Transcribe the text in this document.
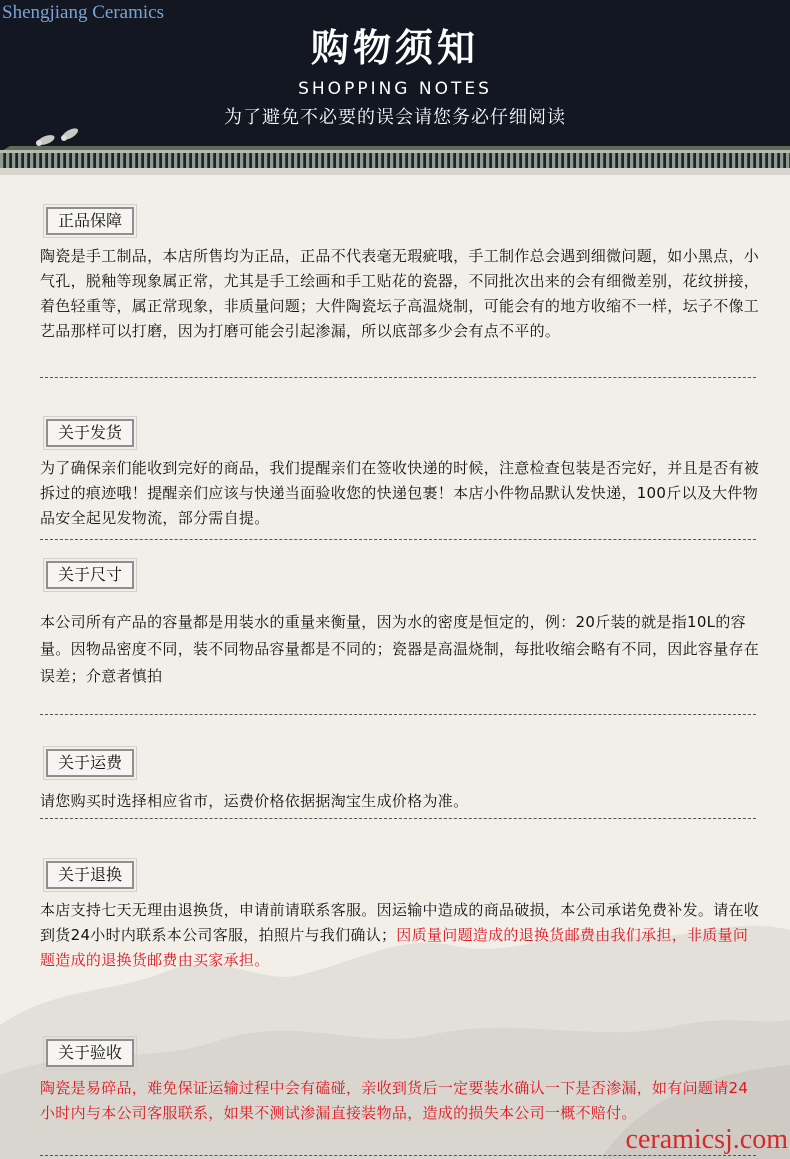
Shengjiang Ceramics
购物须知
SHOPPING NOTES
为了避免不必要的误会请您务必仔细阅读
正品保障
陶瓷是手工制品，本店所售均为正品，正品不代表毫无瑕疵哦，手工制作总会遇到细微问题，如小黑点，小气孔，脱釉等现象属正常，尤其是手工绘画和手工贴花的瓷器，不同批次出来的会有细微差别，花纹拼接，着色轻重等，属正常现象，非质量问题；大件陶瓷坛子高温烧制，可能会有的地方收缩不一样，坛子不像工艺品那样可以打磨，因为打磨可能会引起渗漏，所以底部多少会有点不平的。
关于发货
为了确保亲们能收到完好的商品，我们提醒亲们在签收快递的时候，注意检查包装是否完好，并且是否有被拆过的痕迹哦！提醒亲们应该与快递当面验收您的快递包裹！本店小件物品默认发快递，100斤以及大件物品安全起见发物流，部分需自提。
关于尺寸
本公司所有产品的容量都是用装水的重量来衡量，因为水的密度是恒定的，例：20斤装的就是指10L的容量。因物品密度不同，装不同物品容量都是不同的；瓷器是高温烧制，每批收缩会略有不同，因此容量存在误差；介意者慎拍
关于运费
请您购买时选择相应省市，运费价格依据据淘宝生成价格为准。
关于退换
本店支持七天无理由退换货，申请前请联系客服。因运输中造成的商品破损，本公司承诺免费补发。请在收到货24小时内联系本公司客服，拍照片与我们确认；因质量问题造成的退换货邮费由我们承担，非质量问题造成的退换货邮费由买家承担。
关于验收
陶瓷是易碎品，难免保证运输过程中会有磕碰，亲收到货后一定要装水确认一下是否渗漏，如有问题请24小时内与本公司客服联系，如果不测试渗漏直接装物品，造成的损失本公司一概不赔付。
ceramicsj.com
